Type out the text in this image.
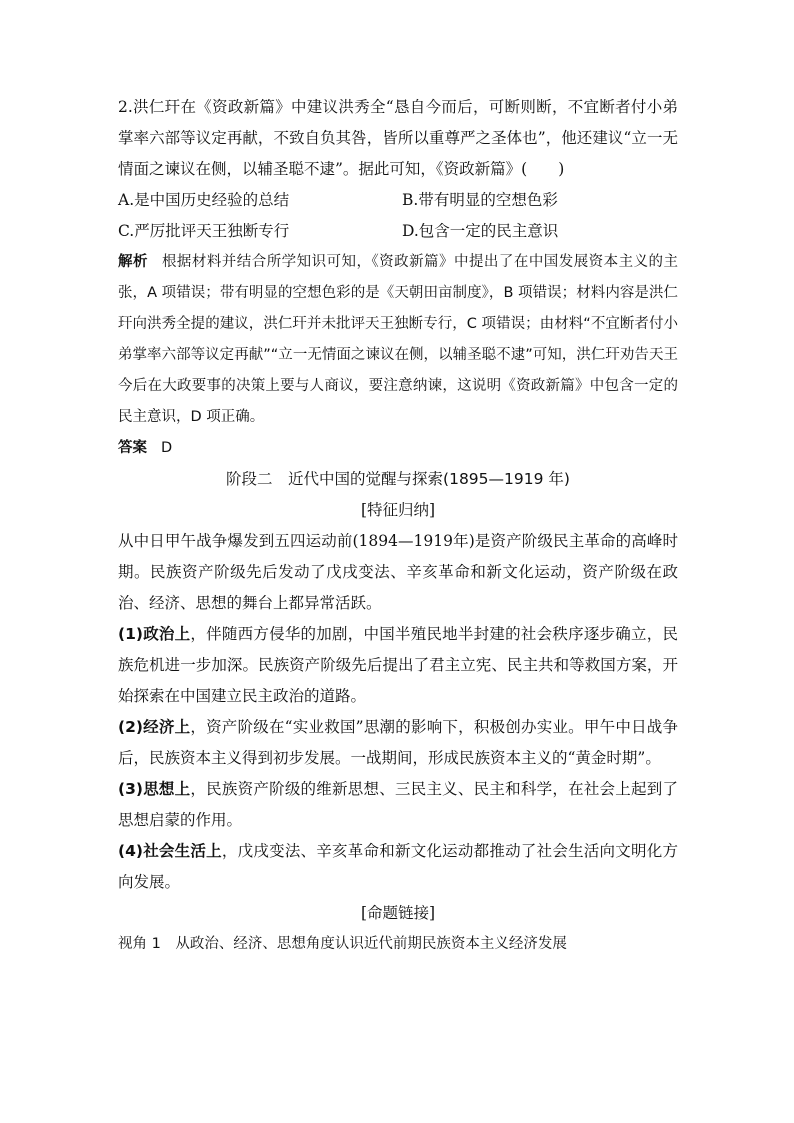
2.洪仁玕在《资政新篇》中建议洪秀全“恳自今而后，可断则断，不宜断者付小弟掌率六部等议定再献，不致自负其咎，皆所以重尊严之圣体也”，他还建议“立一无情面之谏议在侧，以辅圣聪不逮”。据此可知，《资政新篇》(　　)

A.是中国历史经验的总结	B.带有明显的空想色彩
C.严厉批评天王独断专行	D.包含一定的民主意识

解析 根据材料并结合所学知识可知，《资政新篇》中提出了在中国发展资本主义的主张，A 项错误；带有明显的空想色彩的是《天朝田亩制度》，B 项错误；材料内容是洪仁玕向洪秀全提的建议，洪仁玕并未批评天王独断专行，C 项错误；由材料“不宜断者付小弟掌率六部等议定再献”“立一无情面之谏议在侧，以辅圣聪不逮”可知，洪仁玕劝告天王今后在大政要事的决策上要与人商议，要注意纳谏，这说明《资政新篇》中包含一定的民主意识，D 项正确。

答案 D

阶段二　近代中国的觉醒与探索(1895—1919 年)

[特征归纳]

从中日甲午战争爆发到五四运动前(1894—1919年)是资产阶级民主革命的高峰时期。民族资产阶级先后发动了戊戌变法、辛亥革命和新文化运动，资产阶级在政治、经济、思想的舞台上都异常活跃。

(1)政治上，伴随西方侵华的加剧，中国半殖民地半封建的社会秩序逐步确立，民族危机进一步加深。民族资产阶级先后提出了君主立宪、民主共和等救国方案，开始探索在中国建立民主政治的道路。

(2)经济上，资产阶级在“实业救国”思潮的影响下，积极创办实业。甲午中日战争后，民族资本主义得到初步发展。一战期间，形成民族资本主义的“黄金时期”。

(3)思想上，民族资产阶级的维新思想、三民主义、民主和科学，在社会上起到了思想启蒙的作用。

(4)社会生活上，戊戌变法、辛亥革命和新文化运动都推动了社会生活向文明化方向发展。

[命题链接]

视角 1　从政治、经济、思想角度认识近代前期民族资本主义经济发展
